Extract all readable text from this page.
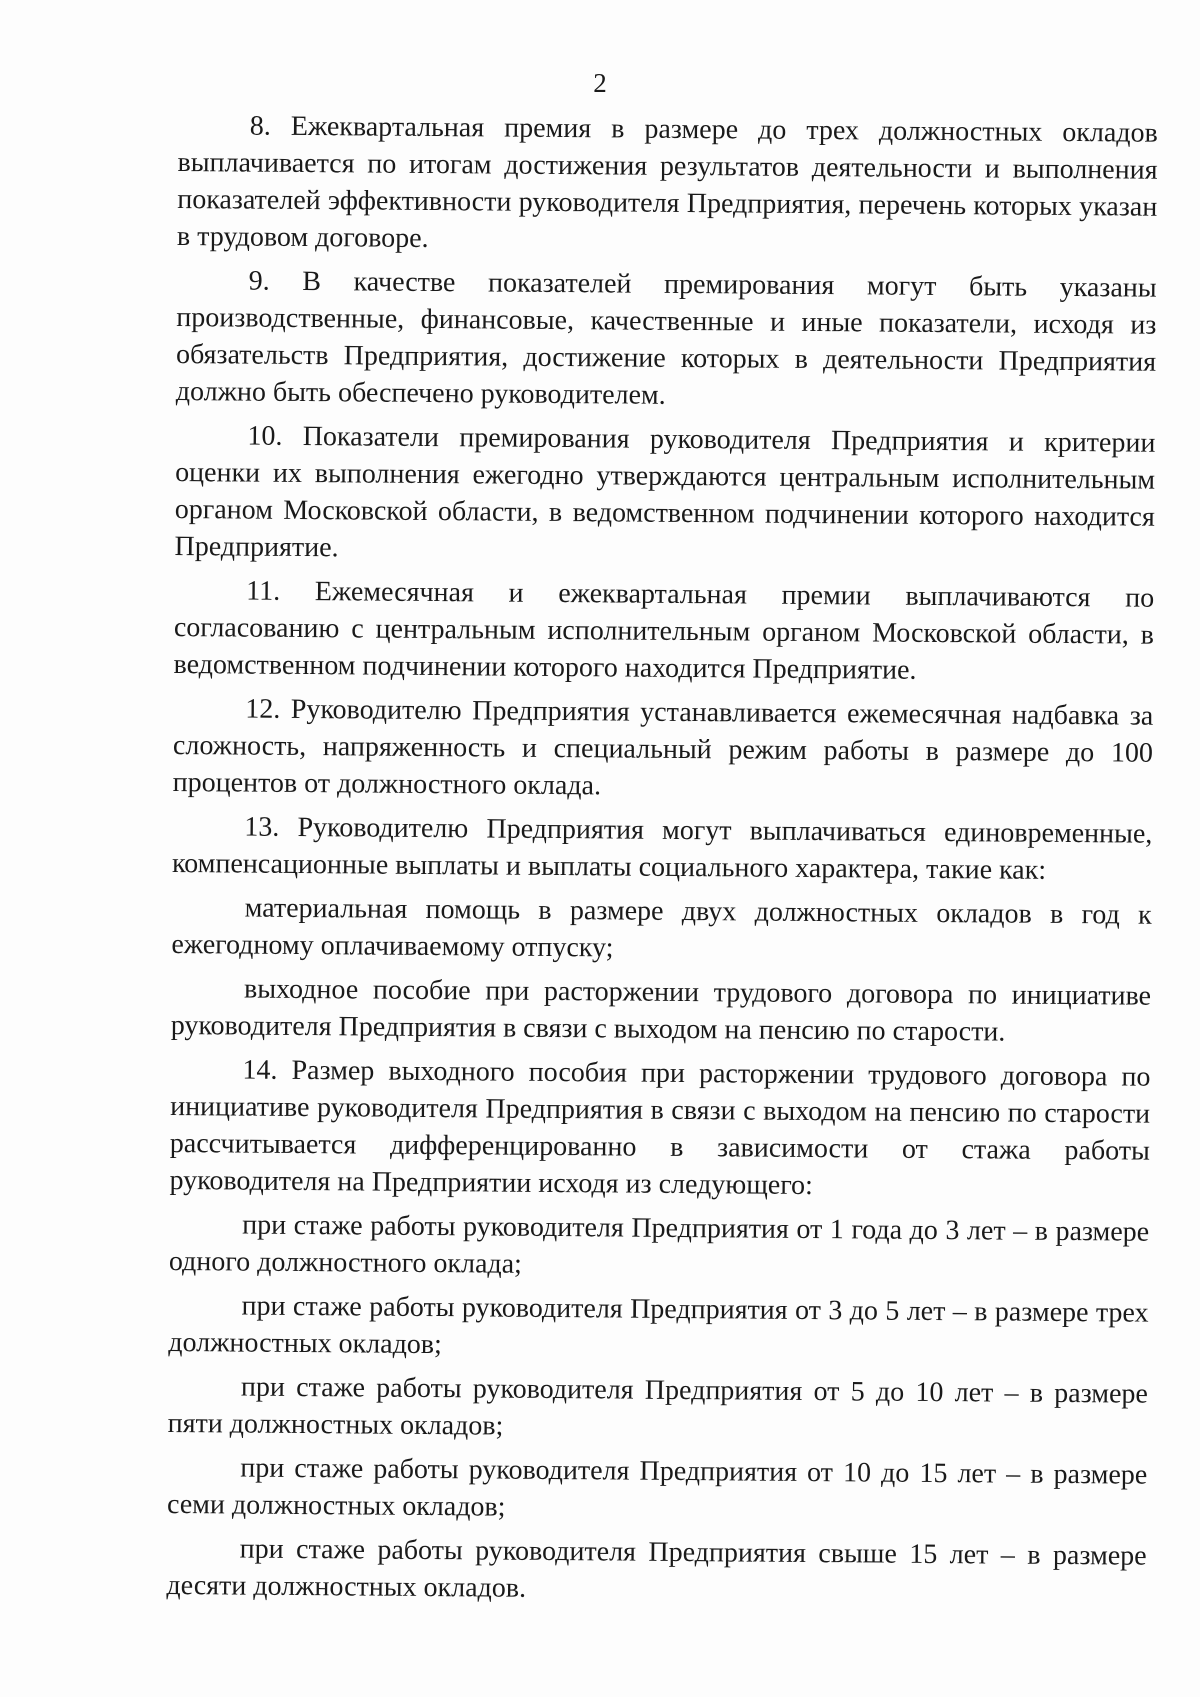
2

8. Ежеквартальная премия в размере до трех должностных окладов выплачивается по итогам достижения результатов деятельности и выполнения показателей эффективности руководителя Предприятия, перечень которых указан в трудовом договоре.

9. В качестве показателей премирования могут быть указаны производственные, финансовые, качественные и иные показатели, исходя из обязательств Предприятия, достижение которых в деятельности Предприятия должно быть обеспечено руководителем.

10. Показатели премирования руководителя Предприятия и критерии оценки их выполнения ежегодно утверждаются центральным исполнительным органом Московской области, в ведомственном подчинении которого находится Предприятие.

11. Ежемесячная и ежеквартальная премии выплачиваются по согласованию с центральным исполнительным органом Московской области, в ведомственном подчинении которого находится Предприятие.

12. Руководителю Предприятия устанавливается ежемесячная надбавка за сложность, напряженность и специальный режим работы в размере до 100 процентов от должностного оклада.

13. Руководителю Предприятия могут выплачиваться единовременные, компенсационные выплаты и выплаты социального характера, такие как:

материальная помощь в размере двух должностных окладов в год к ежегодному оплачиваемому отпуску;

выходное пособие при расторжении трудового договора по инициативе руководителя Предприятия в связи с выходом на пенсию по старости.

14. Размер выходного пособия при расторжении трудового договора по инициативе руководителя Предприятия в связи с выходом на пенсию по старости рассчитывается дифференцированно в зависимости от стажа работы руководителя на Предприятии исходя из следующего:

при стаже работы руководителя Предприятия от 1 года до 3 лет – в размере одного должностного оклада;

при стаже работы руководителя Предприятия от 3 до 5 лет – в размере трех должностных окладов;

при стаже работы руководителя Предприятия от 5 до 10 лет – в размере пяти должностных окладов;

при стаже работы руководителя Предприятия от 10 до 15 лет – в размере семи должностных окладов;

при стаже работы руководителя Предприятия свыше 15 лет – в размере десяти должностных окладов.
